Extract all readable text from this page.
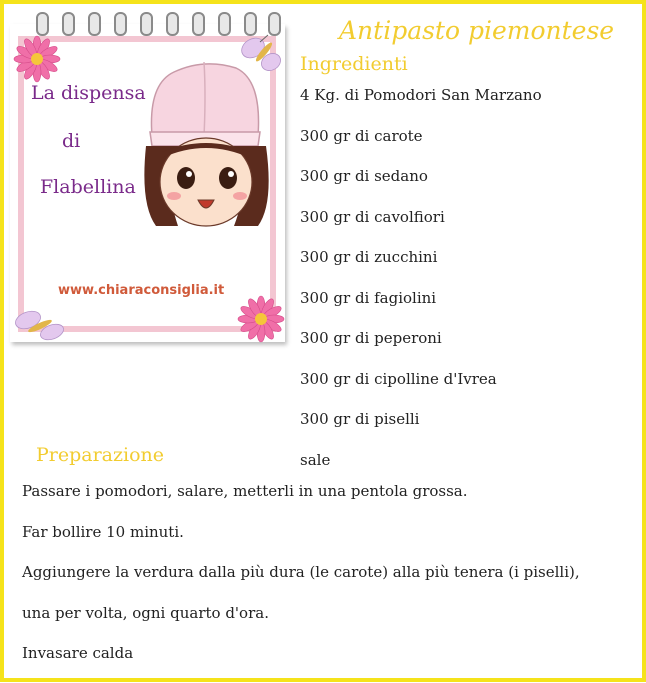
La dispensa
di
Flabellina
www.chiaraconsiglia.it
Antipasto piemontese
Ingredienti
4 Kg. di Pomodori San Marzano
300 gr di carote
300 gr di sedano
300 gr di cavolfiori
300 gr di zucchini
300 gr di fagiolini
300 gr di peperoni
300 gr di cipolline d'Ivrea
300 gr di piselli
sale
Preparazione
Passare i pomodori, salare, metterli in una pentola grossa.
Far bollire 10 minuti.
Aggiungere la verdura dalla più dura (le carote) alla più tenera (i piselli),
una per volta, ogni quarto d'ora.
Invasare calda
